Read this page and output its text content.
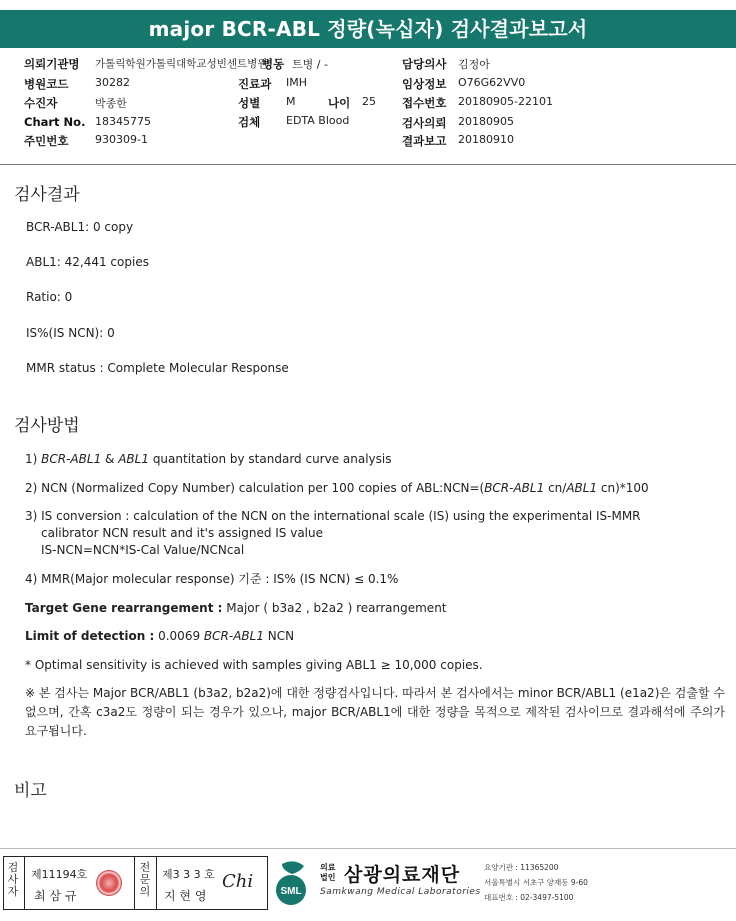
major BCR-ABL 정량(녹십자) 검사결과보고서
의뢰기관명 가톨릭학원가톨릭대학교성빈센트병원
병원코드 30282
수진자	박종한
Chart No. 18345775
주민번호 930309-1
병동 트병 / -
진료과 IMH
성별 M	나이 25
검체 EDTA Blood
담당의사 김정아
임상정보 O76G62VV0
접수번호 20180905-22101
검사의뢰 20180905
결과보고 20180910
검사결과
BCR-ABL1: 0 copy
ABL1: 42,441 copies
Ratio: 0
IS%(IS NCN): 0
MMR status : Complete Molecular Response
검사방법
1) BCR-ABL1 & ABL1 quantitation by standard curve analysis
2) NCN (Normalized Copy Number) calculation per 100 copies of ABL:NCN=(BCR-ABL1 cn/ABL1 cn)*100
3) IS conversion : calculation of the NCN on the international scale (IS) using the experimental IS-MMR
calibrator NCN result and it's assigned IS value
IS-NCN=NCN*IS-Cal Value/NCNcal
4) MMR(Major molecular response) 기준 : IS% (IS NCN) ≤ 0.1%
Target Gene rearrangement : Major ( b3a2 , b2a2 ) rearrangement
Limit of detection : 0.0069 BCR-ABL1 NCN
* Optimal sensitivity is achieved with samples giving ABL1 ≥ 10,000 copies.
※ 본 검사는 Major BCR/ABL1 (b3a2, b2a2)에 대한 정량검사입니다. 따라서 본 검사에서는 minor BCR/ABL1 (e1a2)은 검출할 수 없으며, 간혹 c3a2도 정량이 되는 경우가 있으나, major BCR/ABL1에 대한 정량을 목적으로 제작된 검사이므로 결과해석에 주의가 요구됩니다.
비고
검사자
제11194호
최 삼 규
전문의
제3 3 3 호
지 현 영
Chi	SML
의료
법인 삼광의료재단
Samkwang Medical Laboratories
요양기관 : 11365200
서울특별시 서초구 양재동 9-60
대표번호 : 02-3497-5100
